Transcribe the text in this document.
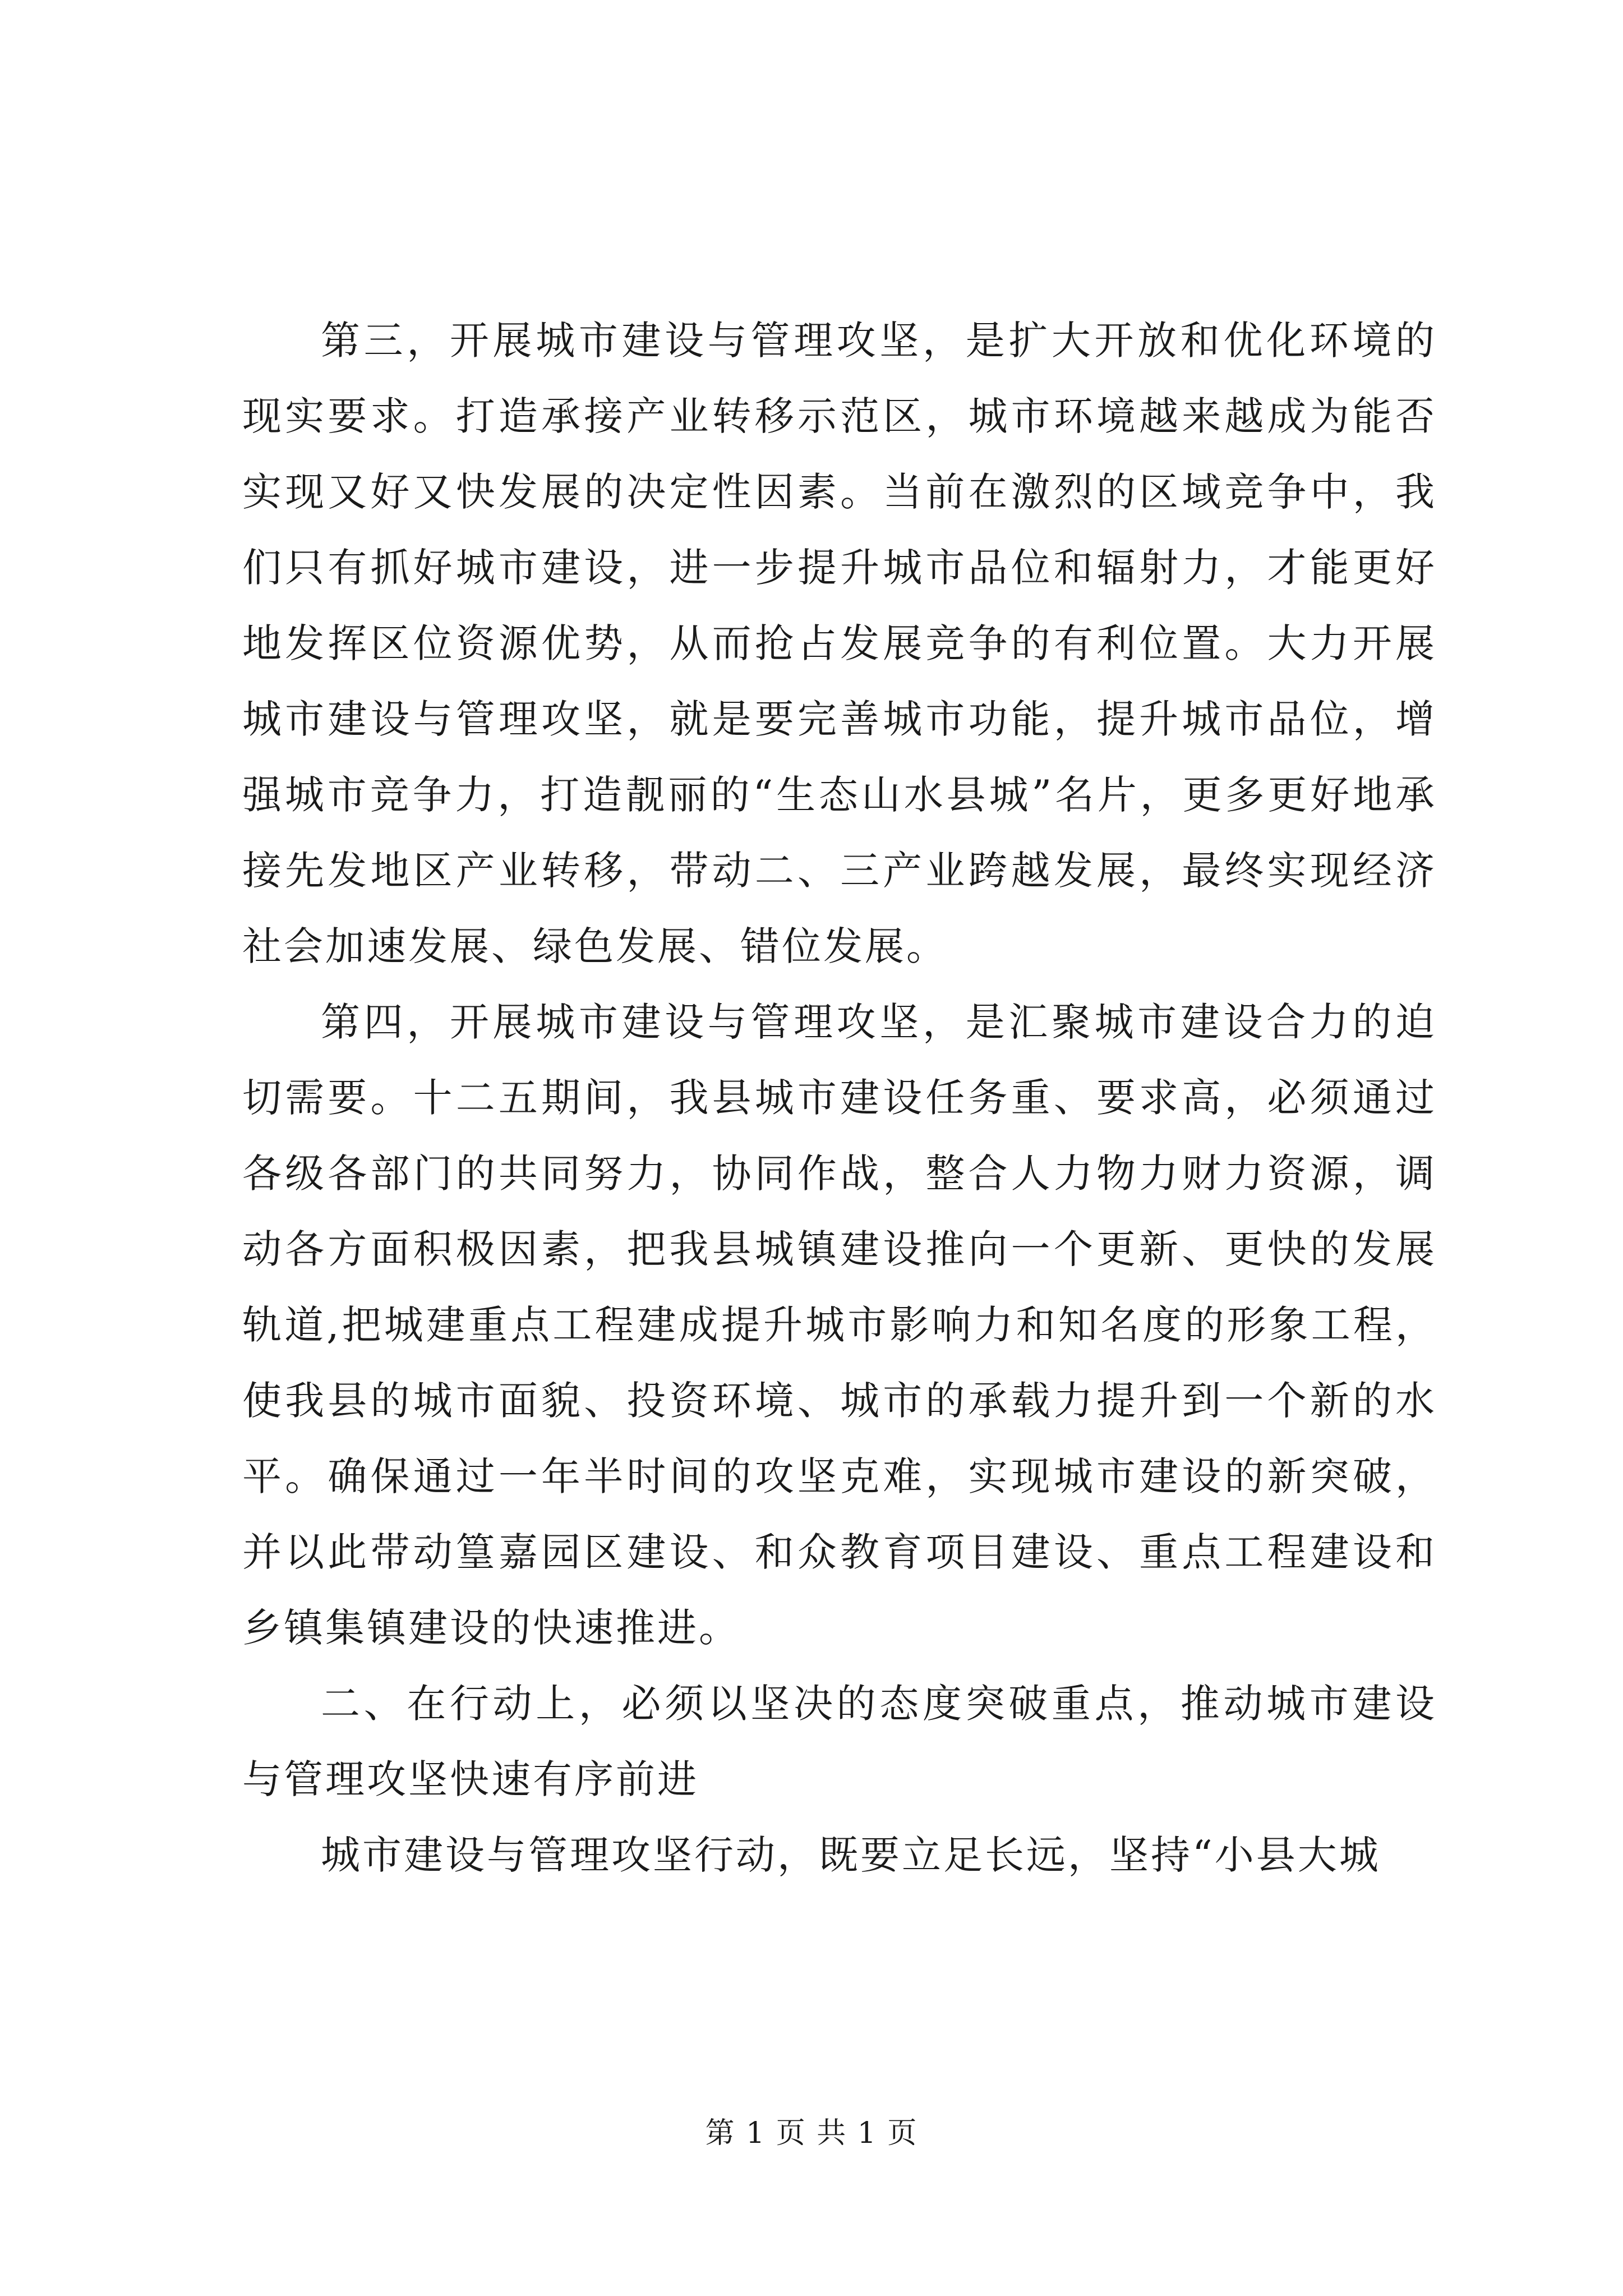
第三，开展城市建设与管理攻坚，是扩大开放和优化环境的现实要求。打造承接产业转移示范区，城市环境越来越成为能否实现又好又快发展的决定性因素。当前在激烈的区域竞争中，我们只有抓好城市建设，进一步提升城市品位和辐射力，才能更好地发挥区位资源优势，从而抢占发展竞争的有利位置。大力开展城市建设与管理攻坚，就是要完善城市功能，提升城市品位，增强城市竞争力，打造靓丽的“生态山水县城”名片，更多更好地承接先发地区产业转移，带动二、三产业跨越发展，最终实现经济社会加速发展、绿色发展、错位发展。

第四，开展城市建设与管理攻坚，是汇聚城市建设合力的迫切需要。十二五期间，我县城市建设任务重、要求高，必须通过各级各部门的共同努力，协同作战，整合人力物力财力资源，调动各方面积极因素，把我县城镇建设推向一个更新、更快的发展轨道,把城建重点工程建成提升城市影响力和知名度的形象工程，使我县的城市面貌、投资环境、城市的承载力提升到一个新的水平。确保通过一年半时间的攻坚克难，实现城市建设的新突破，并以此带动篁嘉园区建设、和众教育项目建设、重点工程建设和乡镇集镇建设的快速推进。

二、在行动上，必须以坚决的态度突破重点，推动城市建设与管理攻坚快速有序前进

城市建设与管理攻坚行动，既要立足长远，坚持“小县大城

第 1 页 共 1 页
